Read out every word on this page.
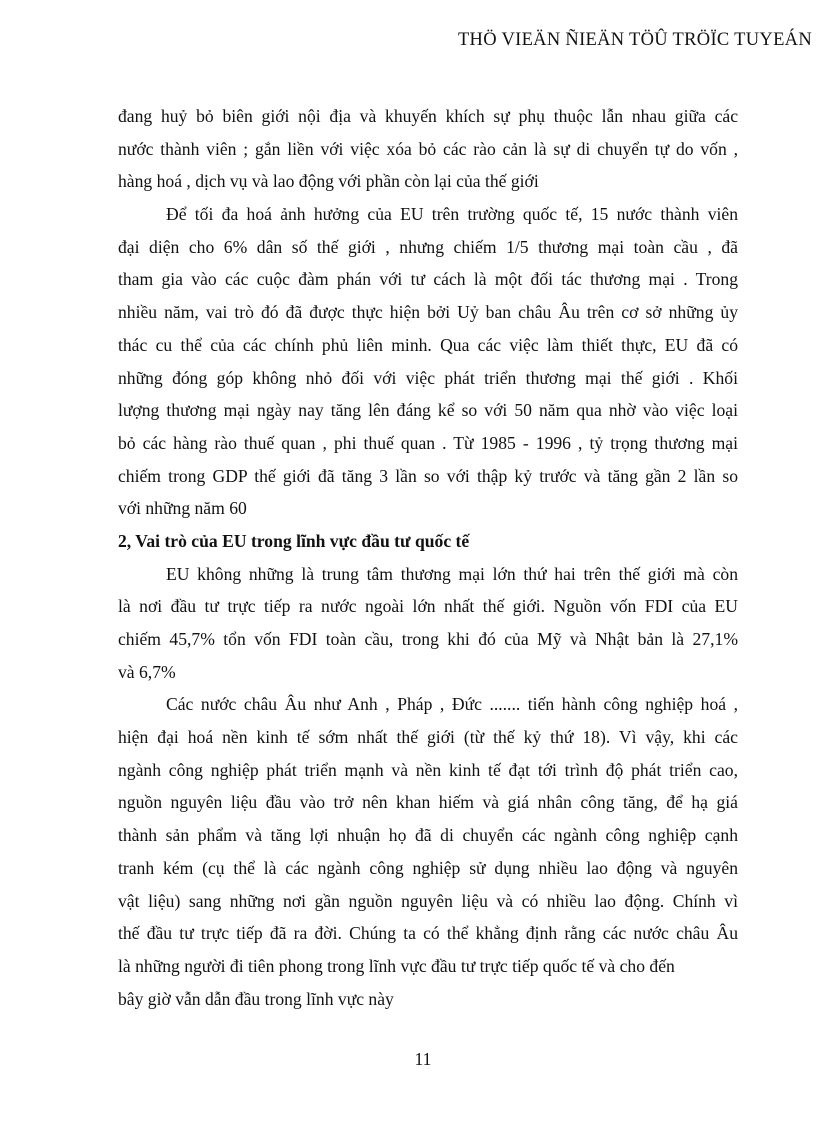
THÖ VIEÄN ÑIEÄN TÖÛ TRÖÏC TUYEÁN
đang huỷ bỏ biên giới nội địa và khuyến khích sự phụ thuộc lẫn nhau giữa các
nước thành viên ; gắn liền với việc xóa bỏ các rào cản là sự di chuyển tự do vốn ,
hàng hoá , dịch vụ và lao động với phần còn lại của thế giới
Để tối đa hoá ảnh hưởng của EU trên trường quốc tế, 15 nước thành viên
đại diện cho 6% dân số thế giới , nhưng chiếm 1/5 thương mại toàn cầu , đã
tham gia vào các cuộc đàm phán với tư cách là một đối tác thương mại . Trong
nhiều năm, vai trò đó đã được thực hiện bởi Uỷ ban châu Âu trên cơ sở những ủy
thác cu thể của các chính phủ liên minh. Qua các việc làm thiết thực, EU đã có
những đóng góp không nhỏ đối với việc phát triển thương mại thế giới . Khối
lượng thương mại ngày nay tăng lên đáng kể so với 50 năm qua nhờ vào việc loại
bỏ các hàng rào thuế quan , phi thuế quan . Từ 1985 - 1996 , tỷ trọng thương mại
chiếm trong GDP thế giới đã tăng 3 lần so với thập kỷ trước và tăng gần 2 lần so
với những năm 60
2, Vai trò của EU trong lĩnh vực đầu tư quốc tế
EU không những là trung tâm thương mại lớn thứ hai trên thế giới mà còn
là nơi đầu tư trực tiếp ra nước ngoài lớn nhất thế giới. Nguồn vốn FDI của EU
chiếm 45,7% tổn vốn FDI toàn cầu, trong khi đó của Mỹ và Nhật bản là 27,1%
và 6,7%
Các nước châu Âu như Anh , Pháp , Đức ....... tiến hành công nghiệp hoá ,
hiện đại hoá nền kinh tế sớm nhất thế giới (từ thế kỷ thứ 18). Vì vậy, khi các
ngành công nghiệp phát triển mạnh và nền kinh tế đạt tới trình độ phát triển cao,
nguồn nguyên liệu đầu vào trở nên khan hiếm và giá nhân công tăng, để hạ giá
thành sản phẩm và tăng lợi nhuận họ đã di chuyển các ngành công nghiệp cạnh
tranh kém (cụ thể là các ngành công nghiệp sử dụng nhiều lao động và nguyên
vật liệu) sang những nơi gần nguồn nguyên liệu và có nhiều lao động. Chính vì
thế đầu tư trực tiếp đã ra đời. Chúng ta có thể khẳng định rằng các nước châu Âu
là những người đi tiên phong trong lĩnh vực đầu tư trực tiếp quốc tế và cho đến
bây giờ vẫn dẫn đầu trong lĩnh vực này
11
